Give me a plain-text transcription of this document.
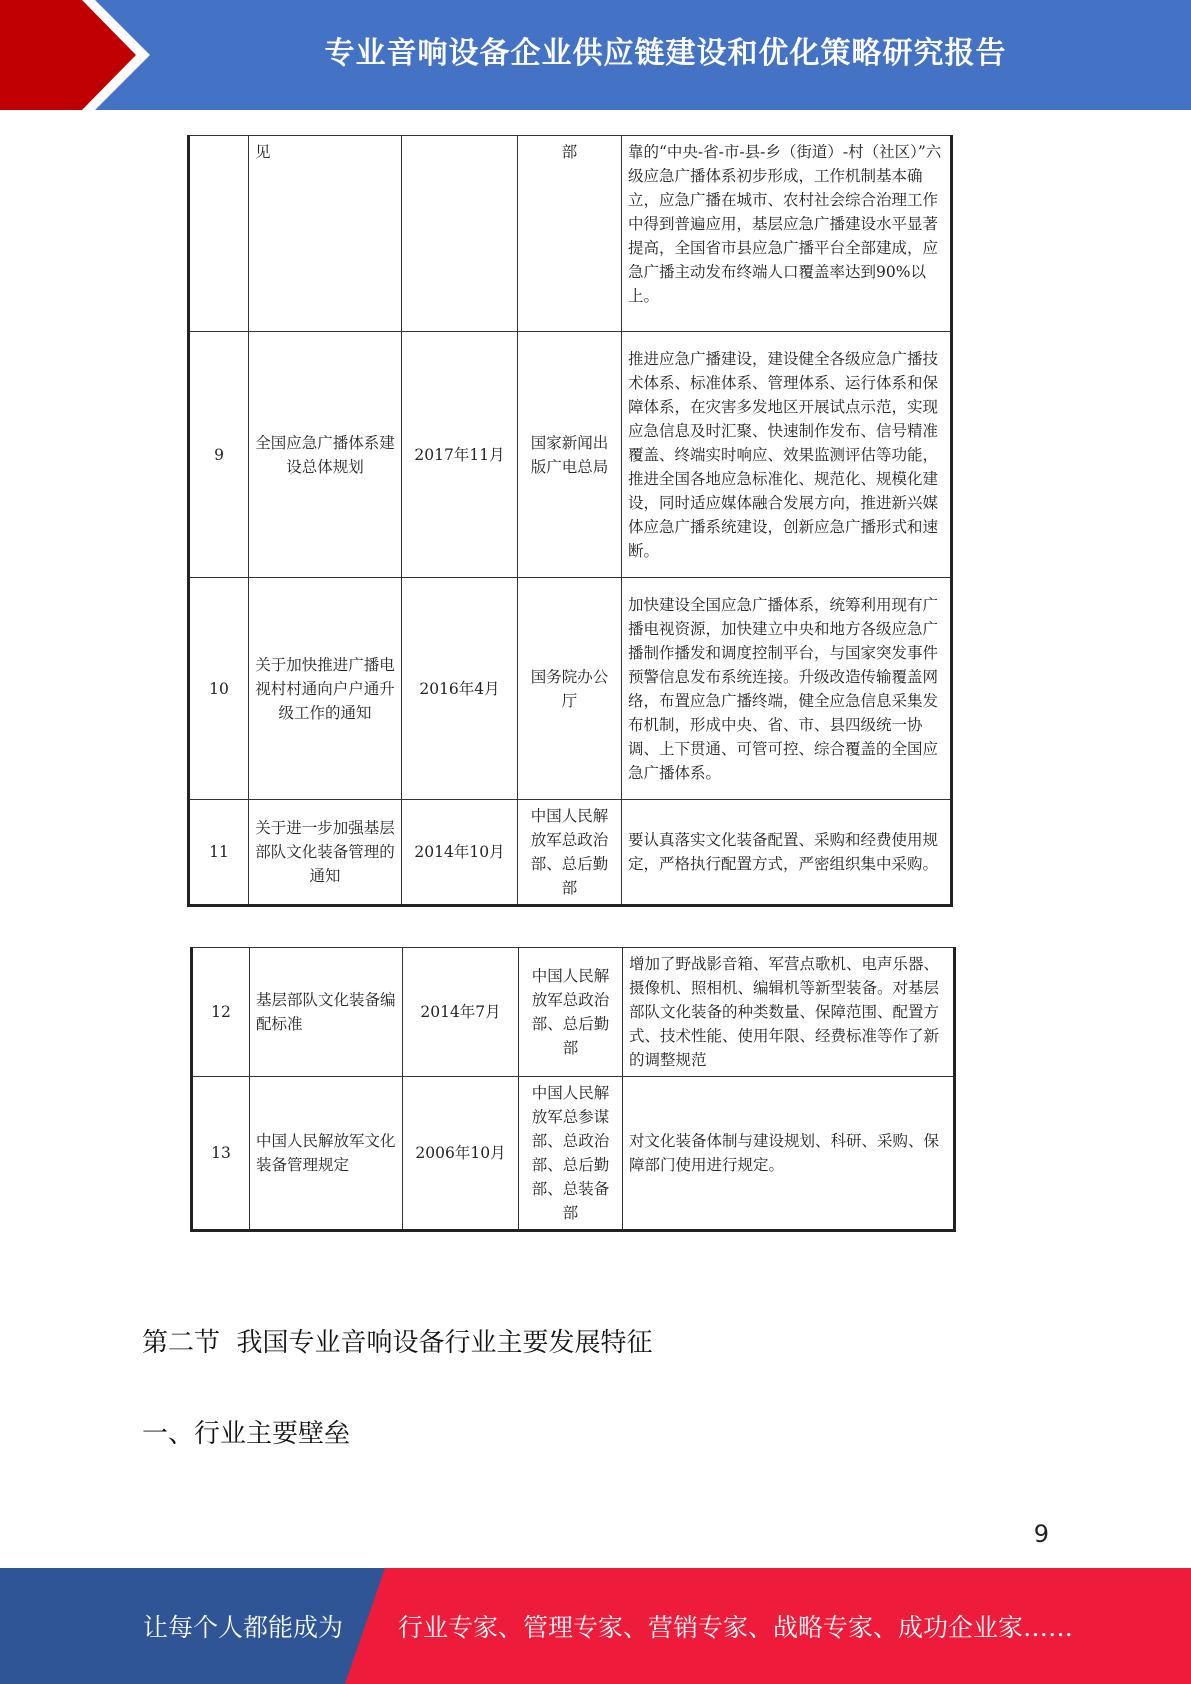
专业音响设备企业供应链建设和优化策略研究报告
	见		部	靠的“中央-省-市-县-乡（街道）-村（社区）”六级应急广播体系初步形成，工作机制基本确立，应急广播在城市、农村社会综合治理工作中得到普遍应用，基层应急广播建设水平显著提高，全国省市县应急广播平台全部建成，应急广播主动发布终端人口覆盖率达到90%以上。
9	全国应急广播体系建设总体规划	2017年11月	国家新闻出版广电总局	推进应急广播建设，建设健全各级应急广播技术体系、标准体系、管理体系、运行体系和保障体系，在灾害多发地区开展试点示范，实现应急信息及时汇聚、快速制作发布、信号精准覆盖、终端实时响应、效果监测评估等功能，推进全国各地应急标准化、规范化、规模化建设，同时适应媒体融合发展方向，推进新兴媒体应急广播系统建设，创新应急广播形式和速断。
10	关于加快推进广播电视村村通向户户通升级工作的通知	2016年4月	国务院办公厅	加快建设全国应急广播体系，统筹利用现有广播电视资源，加快建立中央和地方各级应急广播制作播发和调度控制平台，与国家突发事件预警信息发布系统连接。升级改造传输覆盖网络，布置应急广播终端，健全应急信息采集发布机制，形成中央、省、市、县四级统一协调、上下贯通、可管可控、综合覆盖的全国应急广播体系。
11	关于进一步加强基层部队文化装备管理的通知	2014年10月	中国人民解放军总政治部、总后勤部	要认真落实文化装备配置、采购和经费使用规定，严格执行配置方式，严密组织集中采购。
12	基层部队文化装备编配标准	2014年7月	中国人民解放军总政治部、总后勤部	增加了野战影音箱、军营点歌机、电声乐器、摄像机、照相机、编辑机等新型装备。对基层部队文化装备的种类数量、保障范围、配置方式、技术性能、使用年限、经费标准等作了新的调整规范
13	中国人民解放军文化装备管理规定	2006年10月	中国人民解放军总参谋部、总政治部、总后勤部、总装备部	对文化装备体制与建设规划、科研、采购、保障部门使用进行规定。
第二节  我国专业音响设备行业主要发展特征
一、行业主要壁垒
9
让每个人都能成为 行业专家、管理专家、营销专家、战略专家、成功企业家……
